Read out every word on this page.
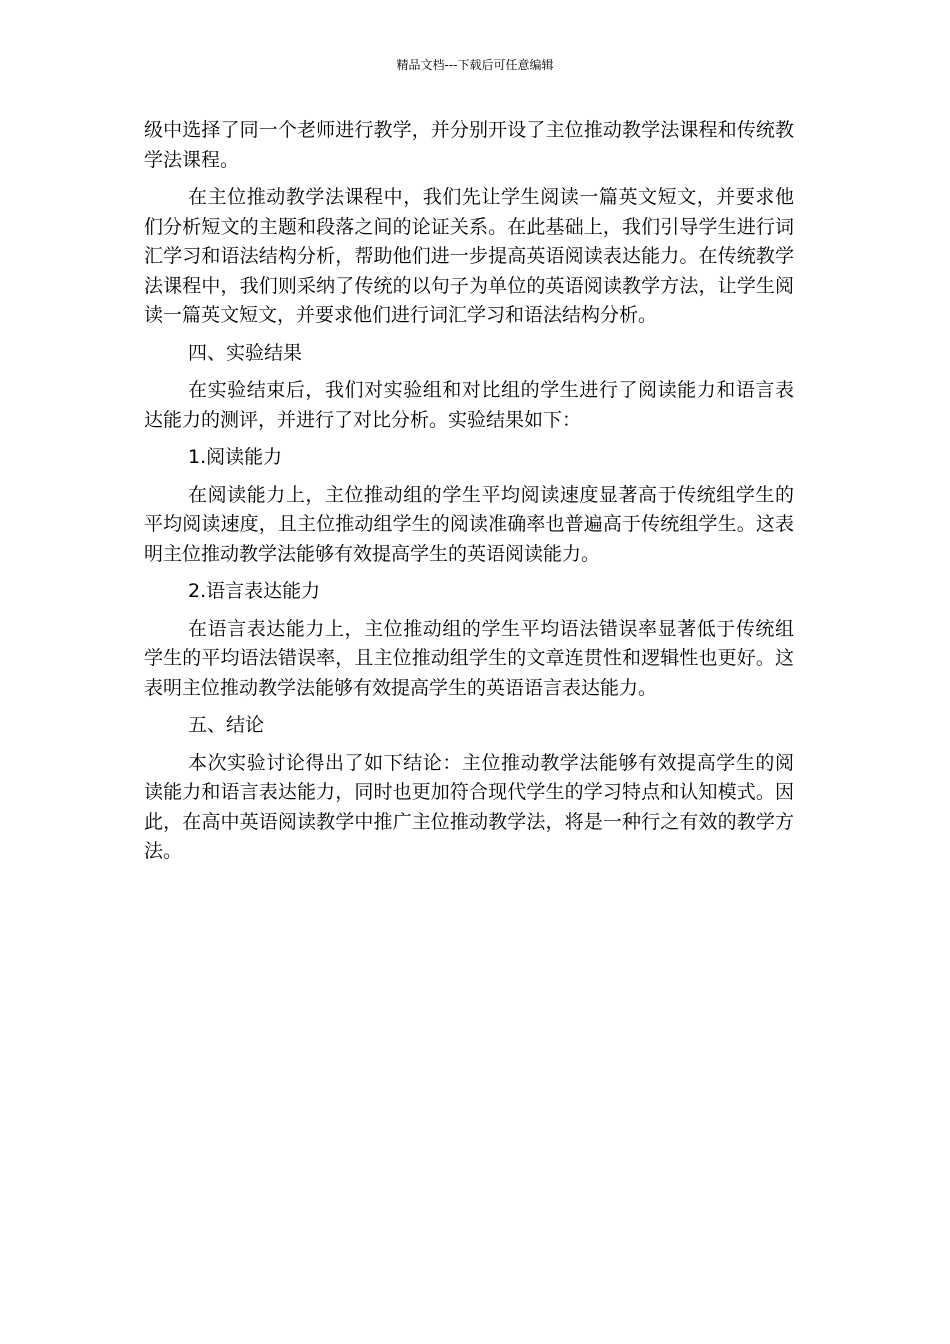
精品文档---下载后可任意编辑

级中选择了同一个老师进行教学，并分别开设了主位推动教学法课程和传统教学法课程。

在主位推动教学法课程中，我们先让学生阅读一篇英文短文，并要求他们分析短文的主题和段落之间的论证关系。在此基础上，我们引导学生进行词汇学习和语法结构分析，帮助他们进一步提高英语阅读表达能力。在传统教学法课程中，我们则采纳了传统的以句子为单位的英语阅读教学方法，让学生阅读一篇英文短文，并要求他们进行词汇学习和语法结构分析。

四、实验结果

在实验结束后，我们对实验组和对比组的学生进行了阅读能力和语言表达能力的测评，并进行了对比分析。实验结果如下：

1.阅读能力

在阅读能力上，主位推动组的学生平均阅读速度显著高于传统组学生的平均阅读速度，且主位推动组学生的阅读准确率也普遍高于传统组学生。这表明主位推动教学法能够有效提高学生的英语阅读能力。

2.语言表达能力

在语言表达能力上，主位推动组的学生平均语法错误率显著低于传统组学生的平均语法错误率，且主位推动组学生的文章连贯性和逻辑性也更好。这表明主位推动教学法能够有效提高学生的英语语言表达能力。

五、结论

本次实验讨论得出了如下结论：主位推动教学法能够有效提高学生的阅读能力和语言表达能力，同时也更加符合现代学生的学习特点和认知模式。因此，在高中英语阅读教学中推广主位推动教学法，将是一种行之有效的教学方法。
